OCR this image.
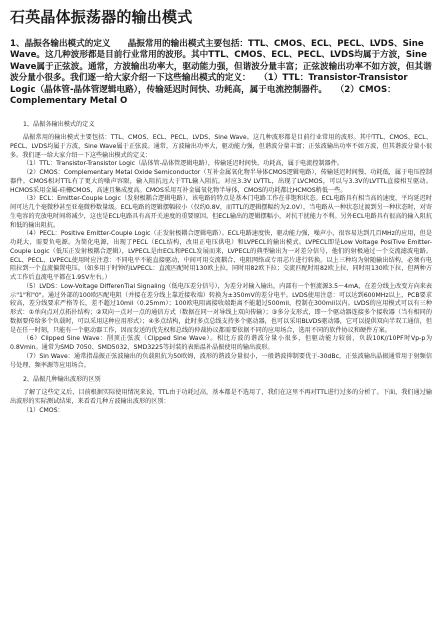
石英晶体振荡器的输出模式

1、晶振各输出模式的定义　　晶振常用的输出模式主要包括：TTL、CMOS、ECL、PECL、LVDS、Sine

Wave。这几种波形都是目前行业常用的波形。其中TTL、CMOS、ECL、PECL、LVDS均属于方波，Sine

Wave属于正弦波。通常，方波输出功率大，驱动能力强，但谐波分量丰富；正弦波输出功率不如方波，但其谐

波分量小很多。我们逐一给大家介绍一下这些输出模式的定义：　　（1）TTL：Transistor-Transistor

Logic（晶体管-晶体管逻辑电路），传输延迟时间快、功耗高，属于电流控制器件。　　（2）CMOS：

Complementary Metal O

1、晶振各输出模式的定义

晶振常用的输出模式主要包括：TTL、CMOS、ECL、PECL、LVDS、Sine Wave。这几种波形都是目前行业常用的波形。其中TTL、CMOS、ECL、PECL、LVDS均属于方波，Sine Wave属于正弦波。通常，方波输出功率大，驱动能力强，但谐波分量丰富；正弦波输出功率不如方波，但其谐波分量小很多。我们逐一给大家介绍一下这些输出模式的定义：

（1）TTL：Transistor-Transistor Logic（晶体管-晶体管逻辑电路），传输延迟时间快、功耗高，属于电流控制器件。

（2）CMOS：Complementary Metal Oxide Semiconductor（互补金属氧化物半导体CMOS逻辑电路），传输延迟时间慢、功耗低，属于电压控制器件。CMOS相对TTL有了更大的噪声容限，输入阻抗远大于TTL输入阻抗。对应3.3V LVTTL，出现了LVCMOS，可以与3.3V的LVTTL直接相互驱动。HCMOS采用金属-硅栅CMOS，高速且集成度高。CMOS采用互补金属氧化物半导体，CMOS的功耗都比HCMOS稍低一些。

（3）ECL：Emitter-Couple Logic（发射极耦合逻辑电路），该电路的特点是基本门电路工作在非饱和状态。ECL电路具有相当高的速度，平均延迟时间可达几个毫微秒甚至亚毫微秒数量级。ECL电路的逻辑摆幅较小（仅约0.8V，而TTL的逻辑摆幅约为2.0V），当电路从一种状态过渡到另一种状态时，对寄生电容的充放电时间将减少，这也是ECL电路具有高开关速度的重要原因。但ECL输出的逻辑摆幅小，对抗干扰能力不利。另外ECL电路具有很高的输入阻抗和低的输出阻抗。

（4）PECL：Positive Emitter-Couple Logic（正发射极耦合逻辑电路）。ECL电路速度快，驱动能力强，噪声小，很容易达到几百MHz的应用，但是功耗大，需要负电源。为简化电源，出现了PECL（ECL结构，改用正电压供电）和LVPECL的输出模式。LVPECL即是Low Voltage PosiTive Emitter-Couple Logic（低压正发射极耦合逻辑），LVPECL是由ECL和PECL发展而来，LVPECL的典型输出为一对差分信号，他们的射极通过一个交流滤波电路。ECL、PECL、LVPECL使用时应注意：不同电平不能直接驱动，中间可用交流耦合、电阻网络或专用芯片进行转换。以上三种均为射随输出结构，必须有电阻拉到一个直流偏置电压。（如多用于时钟的LVPECL：直流匹配时用130欧上拉，同时用82欧下拉；交流匹配时用82欧上拉，同时用130欧下拉，但两种方式工作后直流电平都在1.95V左右。）

（5）LVDS：Low-Voltage DifferenTial Signaling（低电压差分信号），为差分对输入输出，内部有一个恒流源3.5～4mA，在差分线上改变方向来表示"1"和"0"。通过外部的100欧匹配电阻（并接在差分线上靠近接收端）转换为±350mV的差分电平。LVDS使用注意：可以达到600MHz以上，PCB要求较高，差分线要求严格等长，差不超过10mil（0.25mm）；100欧电阻离接收端距离不能超过500mil，控制在300mil以内。LVDS的应用模式可以有三种形式：①单向点对点拓扑结构；②双向一点对一点的通信方式（数据在同一对导线上双向传输）；③多分支形式，即一个驱动器连接多个接收器（当有相同的数据要传给多个负载时，可以采用这种应用形式）；④多点结构，此时多点总线支持多个驱动器，也可以采用BLVDS驱动器，它可以提供双向半双工通信，但是在任一时刻，只能有一个驱动器工作，因而发送的优先权和总线的仲裁协议都需要依据不同的应用场合，选用不同的软件协议和硬件方案。

（6）Clipped Sine Wave：削顶正弦波（Clipped Sine Wave）。相比方波的谐波分量小很多，但驱动能力较弱，负载10K//10PF时Vp-p为0.8Vmin。通常为SMD 7050、SMD5032、SMD3225等封装的表贴温补晶振使用的输出波形。

（7）Sin Wave：通常指晶振正弦波输出的负载阻抗为50欧姆，波形的谐波分量很小，一般谐波抑制要优于-30dBc，正弦波输出晶振通常用于射频信号处理、频率源等应用场合。

2、晶振几种输出波形的区别

了解了这些定义后，目前根据实际使用情况来说，TTL由于功耗过高，基本都是不选用了，我们在这里不再对TTL进行过多的分析了。下面，我们通过输出波形的实际测试结果，来看看几种方波输出波形的区别：

（1）CMOS：
